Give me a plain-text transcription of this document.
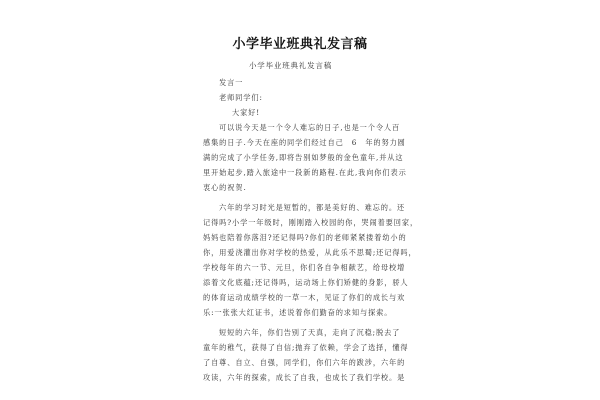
小学毕业班典礼发言稿
小学毕业班典礼发言稿
发言一
老师同学们:
大家好!
可以说今天是一个令人难忘的日子,也是一个令人百
感集的日子.今天在座的同学们经过自己　6　年的努力圆
满的完成了小学任务,即将告别如梦般的金色童年,并从这
里开始起步,踏入旅途中一段新的路程.在此,我向你们表示
衷心的祝贺.
六年的学习时光是短暂的，都是美好的、难忘的。还
记得吗?小学一年级时，刚刚踏入校园的你，哭闹着要回家，
妈妈也陪着你落泪?还记得吗?你们的老师紧紧搂着幼小的
你，用爱浇灌出你对学校的热爱，从此乐不思蜀;还记得吗，
学校每年的六一节、元旦，你们各自争相献艺，给母校增
添着文化底蕴;还记得吗，运动场上你们矫健的身影，骄人
的体育运动成绩学校的一草一木，见证了你们的成长与欢
乐:一张张大红证书，述说着你们勤奋的求知与探索。
短短的六年，你们告别了天真，走向了沉稳;脱去了
童年的稚气，获得了自信;抛弃了依赖，学会了选择，懂得
了自尊、自立、自强，同学们，你们六年的跋涉，六年的
攻读，六年的探索，成长了自我，也成长了我们学校。是
